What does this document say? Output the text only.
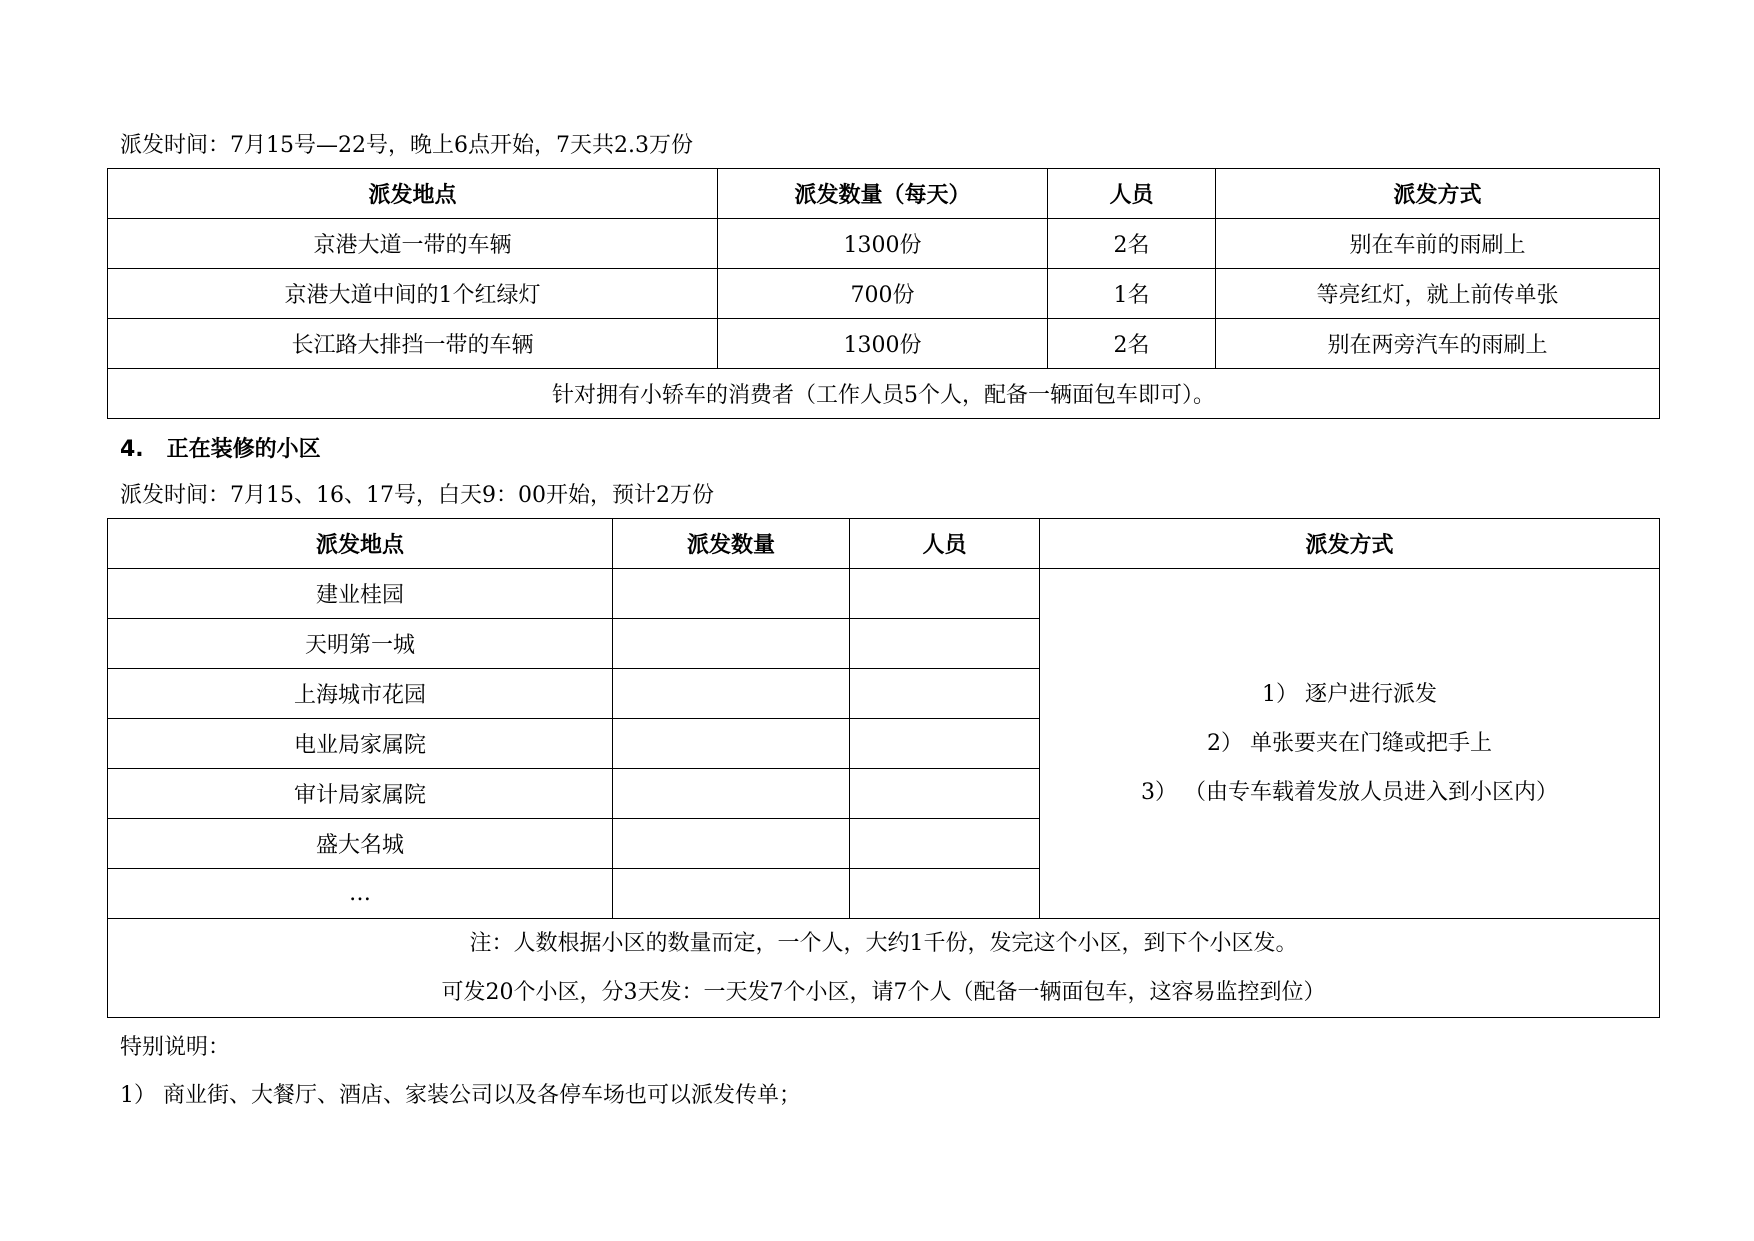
派发时间：7月15号—22号，晚上6点开始，7天共2.3万份
派发地点	派发数量（每天）	人员	派发方式
京港大道一带的车辆	1300份	2名	别在车前的雨刷上
京港大道中间的1个红绿灯	700份	1名	等亮红灯，就上前传单张
长江路大排挡一带的车辆	1300份	2名	别在两旁汽车的雨刷上
针对拥有小轿车的消费者（工作人员5个人，配备一辆面包车即可）。			
4. 正在装修的小区
派发时间：7月15、16、17号，白天9：00开始，预计2万份
派发地点	派发数量	人员	派发方式
建业桂园			1） 逐户进行派发
2） 单张要夹在门缝或把手上
3） （由专车载着发放人员进入到小区内）

天明第一城			
上海城市花园			
电业局家属院			
审计局家属院			
盛大名城			
…			

注：人数根据小区的数量而定，一个人，大约1千份，发完这个小区，到下个小区发。
可发20个小区，分3天发：一天发7个小区，请7个人（配备一辆面包车，这容易监控到位）			
特别说明：
1） 商业街、大餐厅、酒店、家装公司以及各停车场也可以派发传单；
